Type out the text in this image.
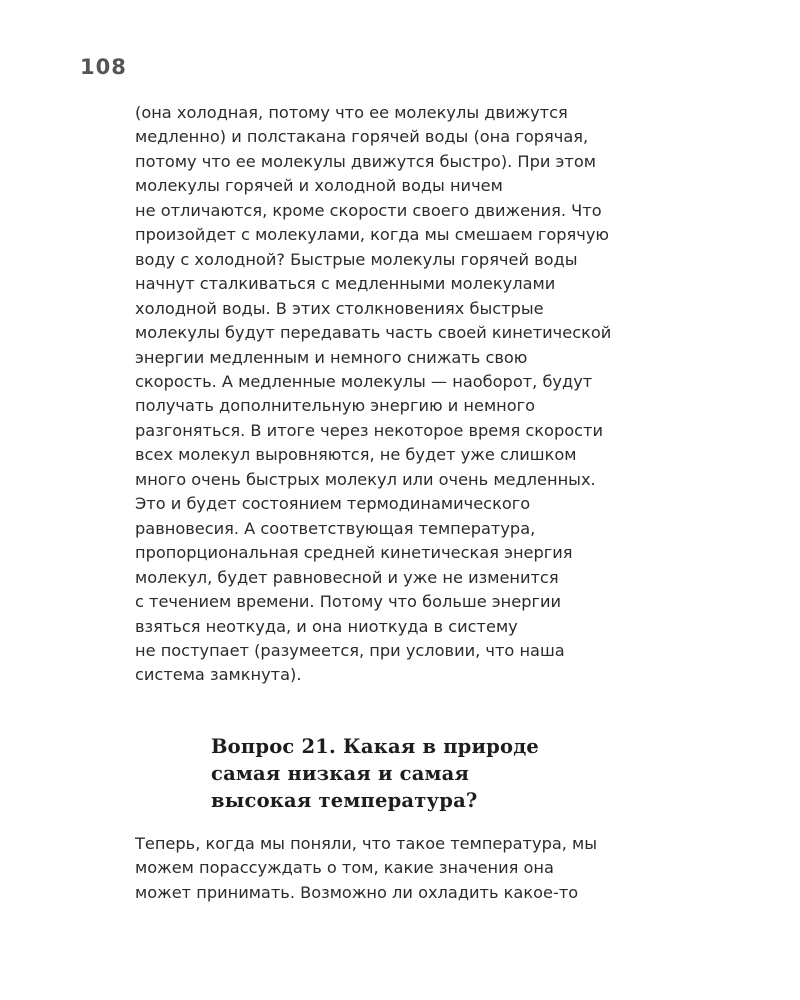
108

(она холодная, потому что ее молекулы движутся
медленно) и полстакана горячей воды (она горячая,
потому что ее молекулы движутся быстро). При этом
молекулы горячей и холодной воды ничем
не отличаются, кроме скорости своего движения. Что
произойдет с молекулами, когда мы смешаем горячую
воду с холодной? Быстрые молекулы горячей воды
начнут сталкиваться с медленными молекулами
холодной воды. В этих столкновениях быстрые
молекулы будут передавать часть своей кинетической
энергии медленным и немного снижать свою
скорость. А медленные молекулы — наоборот, будут
получать дополнительную энергию и немного
разгоняться. В итоге через некоторое время скорости
всех молекул выровняются, не будет уже слишком
много очень быстрых молекул или очень медленных.
Это и будет состоянием термодинамического
равновесия. А соответствующая температура,
пропорциональная средней кинетическая энергия
молекул, будет равновесной и уже не изменится
с течением времени. Потому что больше энергии
взяться неоткуда, и она ниоткуда в систему
не поступает (разумеется, при условии, что наша
система замкнута).

Вопрос 21. Какая в природе
самая низкая и самая
высокая температура?

Теперь, когда мы поняли, что такое температура, мы
можем порассуждать о том, какие значения она
может принимать. Возможно ли охладить какое-то
